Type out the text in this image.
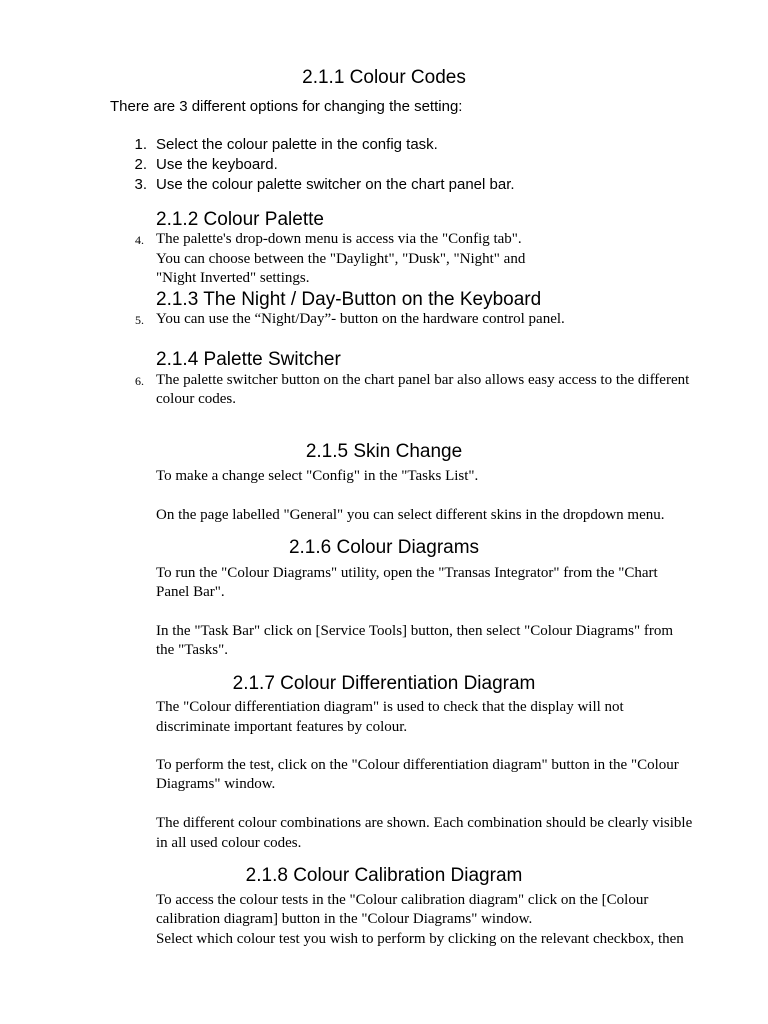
2.1.1 Colour Codes
There are 3 different options for changing the setting:
1. Select the colour palette in the config task.
2. Use the keyboard.
3. Use the colour palette switcher on the chart panel bar.
2.1.2 Colour Palette
4. The palette's drop-down menu is access via the "Config tab".
You can choose between the "Daylight", "Dusk", "Night" and
"Night Inverted" settings.
2.1.3 The Night / Day-Button on the Keyboard
5. You can use the “Night/Day”- button on the hardware control panel.
2.1.4 Palette Switcher
6. The palette switcher button on the chart panel bar also allows easy access to the different
colour codes.
2.1.5 Skin Change
To make a change select "Config" in the "Tasks List".
On the page labelled "General" you can select different skins in the dropdown menu.
2.1.6 Colour Diagrams
To run the "Colour Diagrams" utility, open the "Transas Integrator" from the "Chart
Panel Bar".
In the "Task Bar" click on [Service Tools] button, then select "Colour Diagrams" from
the "Tasks".
2.1.7 Colour Differentiation Diagram
The "Colour differentiation diagram" is used to check that the display will not
discriminate important features by colour.
To perform the test, click on the "Colour differentiation diagram" button in the "Colour
Diagrams" window.
The different colour combinations are shown. Each combination should be clearly visible
in all used colour codes.
2.1.8 Colour Calibration Diagram
To access the colour tests in the "Colour calibration diagram" click on the [Colour
calibration diagram] button in the "Colour Diagrams" window.
Select which colour test you wish to perform by clicking on the relevant checkbox, then
